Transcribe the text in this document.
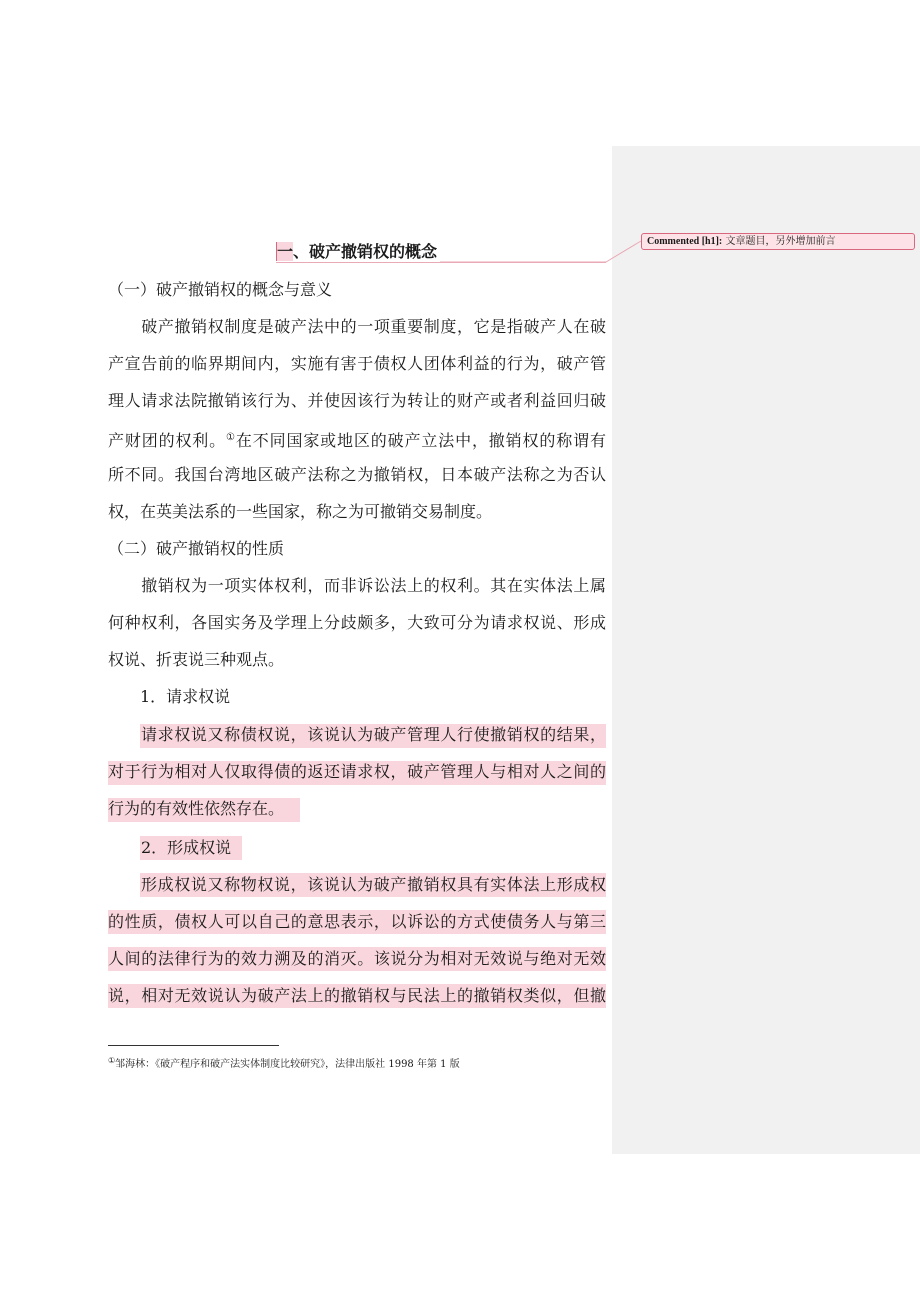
Commented [h1]: 文章题目，另外增加前言
一、破产撤销权的概念
（一）破产撤销权的概念与意义
　　破产撤销权制度是破产法中的一项重要制度，它是指破产人在破
产宣告前的临界期间内，实施有害于债权人团体利益的行为，破产管
理人请求法院撤销该行为、并使因该行为转让的财产或者利益回归破
产财团的权利。①在不同国家或地区的破产立法中，撤销权的称谓有
所不同。我国台湾地区破产法称之为撤销权，日本破产法称之为否认
权，在英美法系的一些国家，称之为可撤销交易制度。
（二）破产撤销权的性质
　　撤销权为一项实体权利，而非诉讼法上的权利。其在实体法上属
何种权利，各国实务及学理上分歧颇多，大致可分为请求权说、形成
权说、折衷说三种观点。
　　1．请求权说
请求权说又称债权说，该说认为破产管理人行使撤销权的结果，
对于行为相对人仅取得债的返还请求权，破产管理人与相对人之间的
行为的有效性依然存在。
2．形成权说
形成权说又称物权说，该说认为破产撤销权具有实体法上形成权
的性质，债权人可以自己的意思表示，以诉讼的方式使债务人与第三
人间的法律行为的效力溯及的消灭。该说分为相对无效说与绝对无效
说，相对无效说认为破产法上的撤销权与民法上的撤销权类似，但撤
①邹海林：《破产程序和破产法实体制度比较研究》，法律出版社 1998 年第 1 版
